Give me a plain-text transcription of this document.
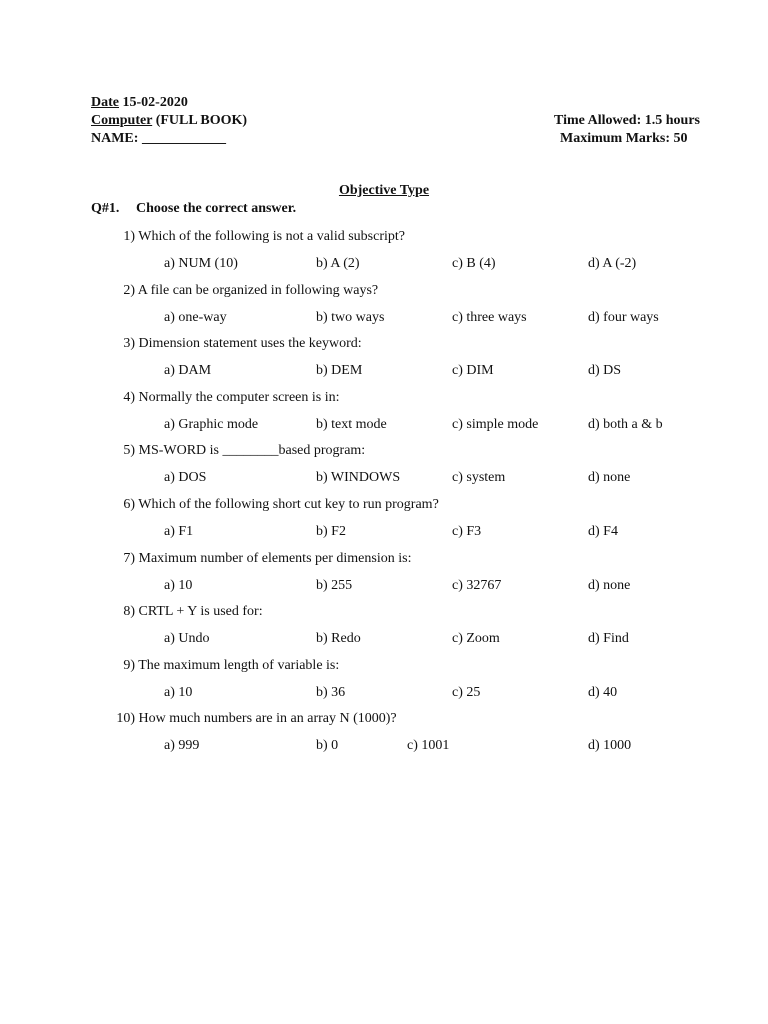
Date 15-02-2020
Computer (FULL BOOK)
NAME: ____________
Time Allowed: 1.5 hours
Maximum Marks: 50
Objective Type
Q#1. Choose the correct answer.
1) Which of the following is not a valid subscript?
a) NUM (10)	b) A (2)	c) B (4)	d) A (-2)
2) A file can be organized in following ways?
a) one-way	b) two ways	c) three ways	d) four ways
3) Dimension statement uses the keyword:
a) DAM	b) DEM	c) DIM	d) DS
4) Normally the computer screen is in:
a) Graphic mode	b) text mode	c) simple mode	d) both a & b
5) MS-WORD is ________based program:
a) DOS	b) WINDOWS	c) system	d) none
6) Which of the following short cut key to run program?
a) F1	b) F2	c) F3	d) F4
7) Maximum number of elements per dimension is:
a) 10	b) 255	c) 32767	d) none
8) CRTL + Y is used for:
a) Undo	b) Redo	c) Zoom	d) Find
9) The maximum length of variable is:
a) 10	b) 36	c) 25	d) 40
10) How much numbers are in an array N (1000)?
a) 999	b) 0	c) 1001	d) 1000
